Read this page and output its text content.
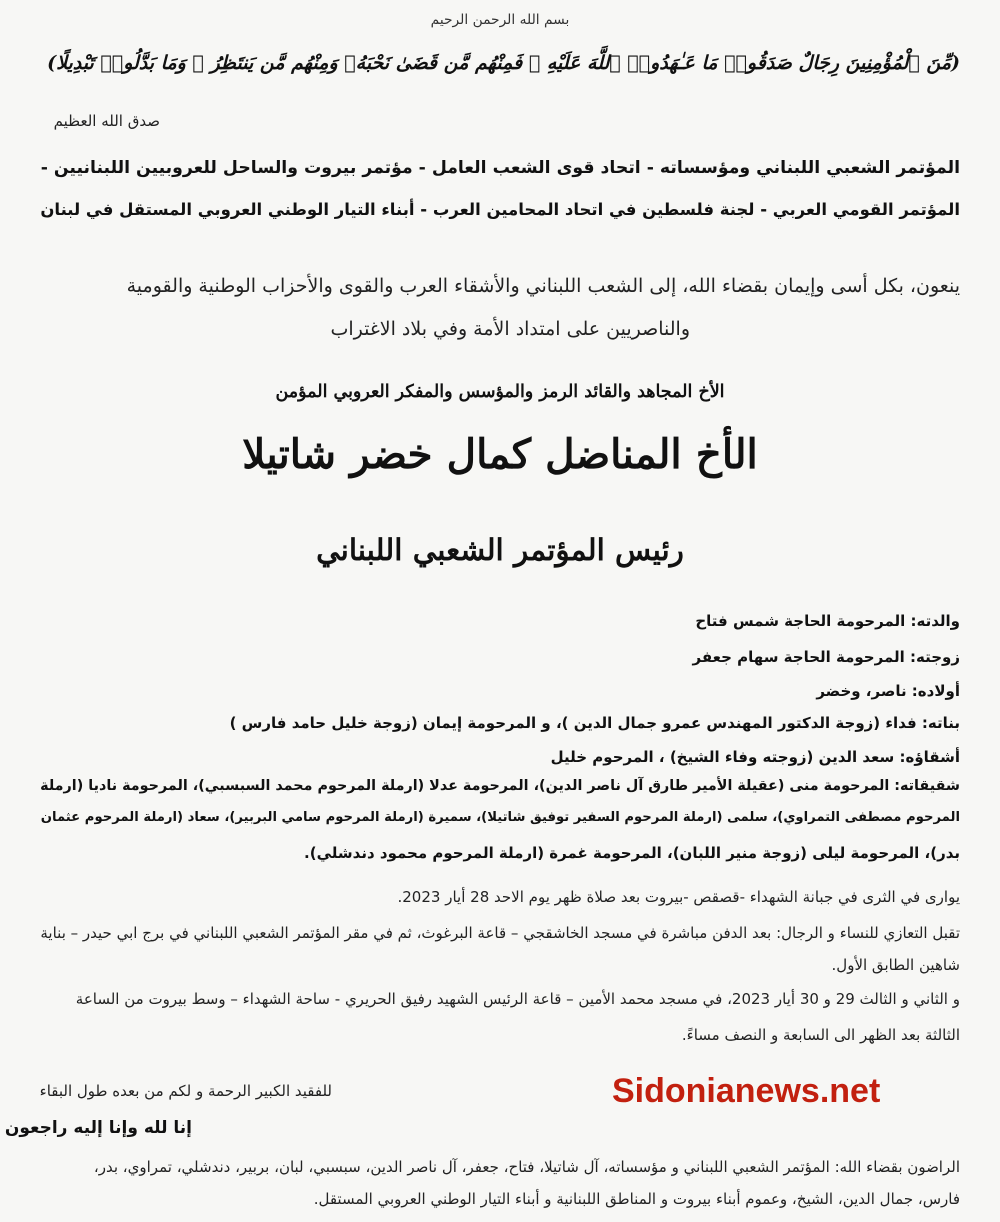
بسم الله الرحمن الرحيم
(مِّنَ ٱلْمُؤْمِنِينَ رِجَالٌ صَدَقُوا۟ مَا عَـٰهَدُوا۟ ٱللَّهَ عَلَيْهِ ۖ فَمِنْهُم مَّن قَضَىٰ نَحْبَهُۥ وَمِنْهُم مَّن يَنتَظِرُ ۖ وَمَا بَدَّلُوا۟ تَبْدِيلًا)
صدق الله العظيم
المؤتمر الشعبي اللبناني ومؤسساته - اتحاد قوى الشعب العامل - مؤتمر بيروت والساحل للعروبيين اللبنانيين -
المؤتمر القومي العربي - لجنة فلسطين في اتحاد المحامين العرب - أبناء التيار الوطني العروبي المستقل في لبنان
ينعون، بكل أسى وإيمان بقضاء الله، إلى الشعب اللبناني والأشقاء العرب والقوى والأحزاب الوطنية والقومية
والناصريين على امتداد الأمة وفي بلاد الاغتراب
الأخ المجاهد والقائد الرمز والمؤسس والمفكر العروبي المؤمن
الأخ المناضل كمال خضر شاتيلا
رئيس المؤتمر الشعبي اللبناني
والدته: المرحومة الحاجة شمس فتاح
زوجته: المرحومة الحاجة سهام جعفر
أولاده: ناصر، وخضر
بناته: فداء (زوجة الدكتور المهندس عمرو جمال الدين )، و المرحومة إيمان (زوجة خليل حامد فارس )
أشقاؤه: سعد الدين (زوجته وفاء الشيخ) ، المرحوم خليل
شقيقاته: المرحومة منى (عقيلة الأمير طارق آل ناصر الدين)، المرحومة عدلا (ارملة المرحوم محمد السبسبي)، المرحومة ناديا (ارملة
المرحوم مصطفى التمراوي)، سلمى (ارملة المرحوم السفير توفيق شاتيلا)، سميرة (ارملة المرحوم سامي البربير)، سعاد (ارملة المرحوم عثمان
بدر)، المرحومة ليلى (زوجة منير اللبان)، المرحومة غمرة (ارملة المرحوم محمود دندشلي).
يوارى في الثرى في جبانة الشهداء -قصقص -بيروت بعد صلاة ظهر يوم الاحد 28 أيار 2023.
تقبل التعازي للنساء و الرجال: بعد الدفن مباشرة في مسجد الخاشقجي – قاعة البرغوث، ثم في مقر المؤتمر الشعبي اللبناني في برج ابي حيدر – بناية
شاهين الطابق الأول.
و الثاني و الثالث 29 و 30 أيار 2023، في مسجد محمد الأمين – قاعة الرئيس الشهيد رفيق الحريري - ساحة الشهداء – وسط بيروت من الساعة
الثالثة بعد الظهر الى السابعة و النصف مساءً.
للفقيد الكبير الرحمة و لكم من بعده طول البقاء
إنا لله وإنا إليه راجعون
Sidonianews.net
الراضون بقضاء الله: المؤتمر الشعبي اللبناني و مؤسساته، آل شاتيلا، فتاح، جعفر، آل ناصر الدين، سبسبي، لبان، بربير، دندشلي، تمراوي، بدر،
فارس، جمال الدين، الشيخ، وعموم أبناء بيروت و المناطق اللبنانية و أبناء التيار الوطني العروبي المستقل.
